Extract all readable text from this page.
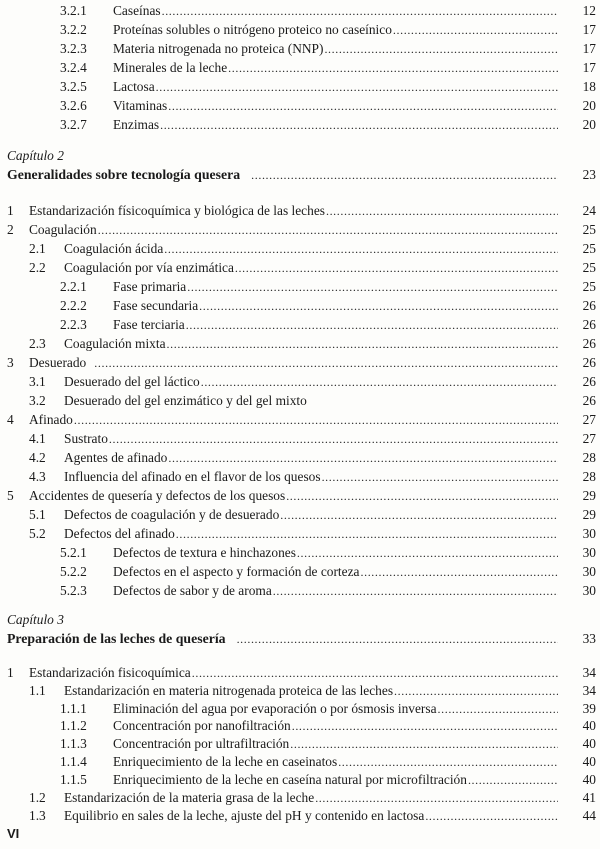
3.2.1 Caseínas .....	12
3.2.2 Proteínas solubles o nitrógeno proteico no caseínico .....	17
3.2.3 Materia nitrogenada no proteica (NNP) .....	17
3.2.4 Minerales de la leche .....	17
3.2.5 Lactosa .....	18
3.2.6 Vitaminas .....	20
3.2.7 Enzimas .....	20
Capítulo 2
Generalidades sobre tecnología quesera .....	23
1 Estandarización físicoquímica y biológica de las leches .....	24
2 Coagulación .....	25
2.1 Coagulación ácida .....	25
2.2 Coagulación por vía enzimática .....	25
2.2.1 Fase primaria .....	25
2.2.2 Fase secundaria .....	26
2.2.3 Fase terciaria .....	26
2.3 Coagulación mixta .....	26
3 Desuerado .....	26
3.1 Desuerado del gel láctico .....	26
3.2 Desuerado del gel enzimático y del gel mixto	26
4 Afinado .....	27
4.1 Sustrato .....	27
4.2 Agentes de afinado .....	28
4.3 Influencia del afinado en el flavor de los quesos .....	28
5 Accidentes de quesería y defectos de los quesos .....	29
5.1 Defectos de coagulación y de desuerado .....	29
5.2 Defectos del afinado .....	30
5.2.1 Defectos de textura e hinchazones .....	30
5.2.2 Defectos en el aspecto y formación de corteza .....	30
5.2.3 Defectos de sabor y de aroma .....	30
Capítulo 3
Preparación de las leches de quesería .....	33
1 Estandarización fisicoquímica .....	34
1.1 Estandarización en materia nitrogenada proteica de las leches .....	34
1.1.1 Eliminación del agua por evaporación o por ósmosis inversa .....	39
1.1.2 Concentración por nanofiltración .....	40
1.1.3 Concentración por ultrafiltración .....	40
1.1.4 Enriquecimiento de la leche en caseinatos .....	40
1.1.5 Enriquecimiento de la leche en caseína natural por microfiltración .....	40
1.2 Estandarización de la materia grasa de la leche .....	41
1.3 Equilibrio en sales de la leche, ajuste del pH y contenido en lactosa .....	44
VI
